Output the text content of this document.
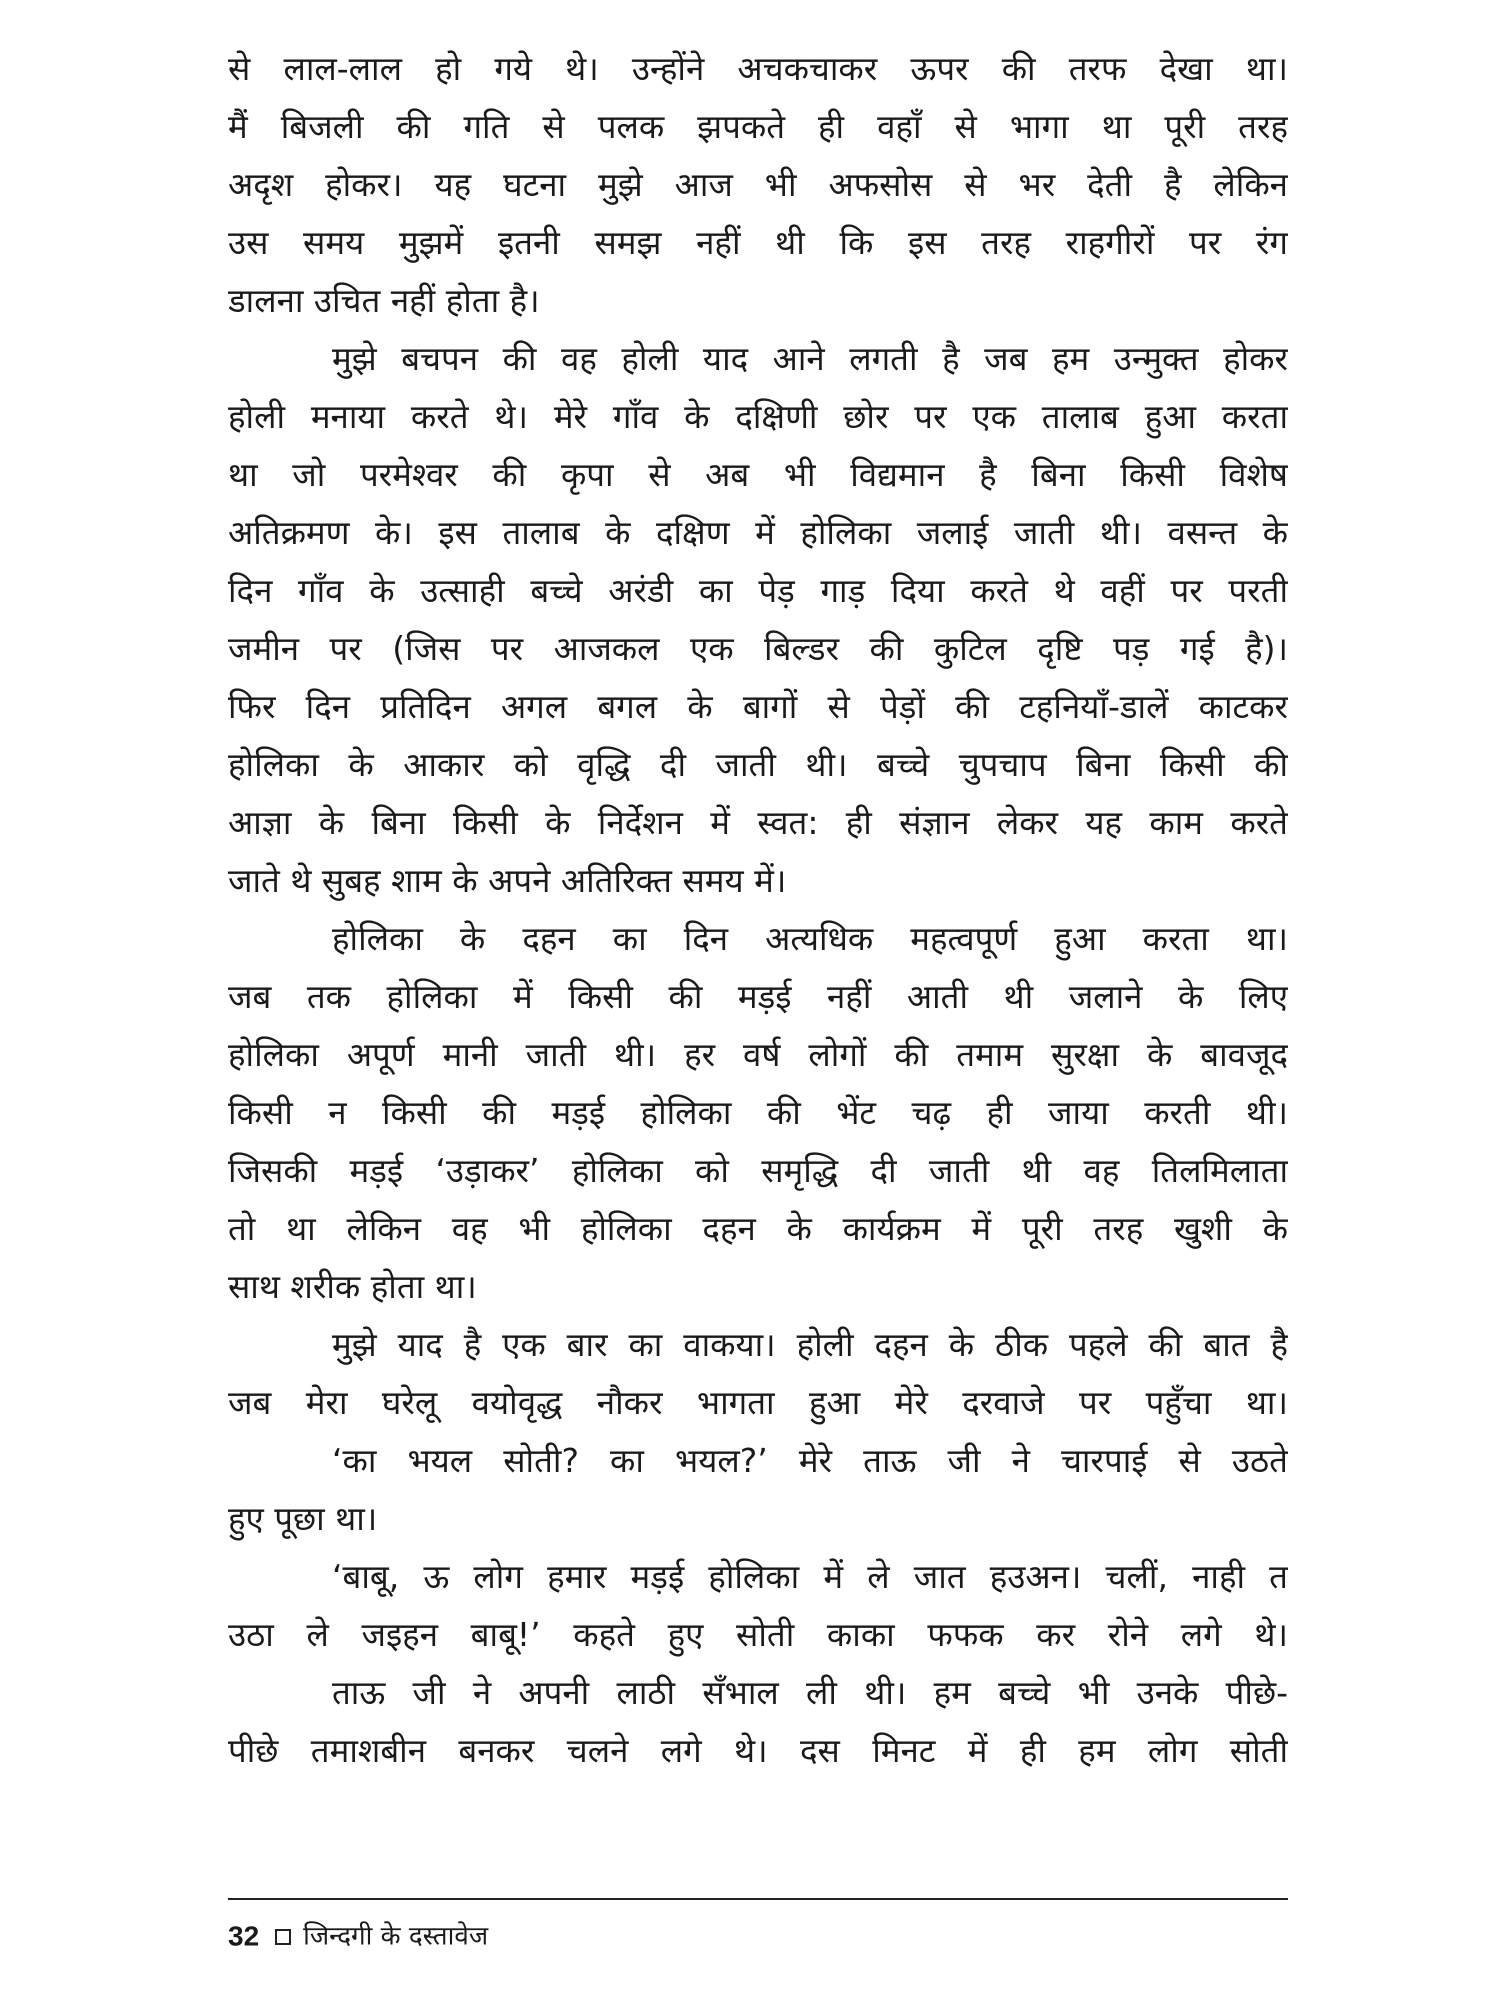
से लाल-लाल हो गये थे। उन्होंने अचकचाकर ऊपर की तरफ देखा था।
मैं बिजली की गति से पलक झपकते ही वहाँ से भागा था पूरी तरह
अदृश होकर। यह घटना मुझे आज भी अफसोस से भर देती है लेकिन
उस समय मुझमें इतनी समझ नहीं थी कि इस तरह राहगीरों पर रंग
डालना उचित नहीं होता है।
मुझे बचपन की वह होली याद आने लगती है जब हम उन्मुक्त होकर
होली मनाया करते थे। मेरे गाँव के दक्षिणी छोर पर एक तालाब हुआ करता
था जो परमेश्वर की कृपा से अब भी विद्यमान है बिना किसी विशेष
अतिक्रमण के। इस तालाब के दक्षिण में होलिका जलाई जाती थी। वसन्त के
दिन गाँव के उत्साही बच्चे अरंडी का पेड़ गाड़ दिया करते थे वहीं पर परती
जमीन पर (जिस पर आजकल एक बिल्डर की कुटिल दृष्टि पड़ गई है)।
फिर दिन प्रतिदिन अगल बगल के बागों से पेड़ों की टहनियाँ-डालें काटकर
होलिका के आकार को वृद्धि दी जाती थी। बच्चे चुपचाप बिना किसी की
आज्ञा के बिना किसी के निर्देशन में स्वत: ही संज्ञान लेकर यह काम करते
जाते थे सुबह शाम के अपने अतिरिक्त समय में।
होलिका के दहन का दिन अत्यधिक महत्वपूर्ण हुआ करता था।
जब तक होलिका में किसी की मड़ई नहीं आती थी जलाने के लिए
होलिका अपूर्ण मानी जाती थी। हर वर्ष लोगों की तमाम सुरक्षा के बावजूद
किसी न किसी की मड़ई होलिका की भेंट चढ़ ही जाया करती थी।
जिसकी मड़ई ‘उड़ाकर’ होलिका को समृद्धि दी जाती थी वह तिलमिलाता
तो था लेकिन वह भी होलिका दहन के कार्यक्रम में पूरी तरह खुशी के
साथ शरीक होता था।
मुझे याद है एक बार का वाकया। होली दहन के ठीक पहले की बात है
जब मेरा घरेलू वयोवृद्ध नौकर भागता हुआ मेरे दरवाजे पर पहुँचा था।
‘का भयल सोती? का भयल?’ मेरे ताऊ जी ने चारपाई से उठते
हुए पूछा था।
‘बाबू, ऊ लोग हमार मड़ई होलिका में ले जात हउअन। चलीं, नाही त
उठा ले जइहन बाबू!’ कहते हुए सोती काका फफक कर रोने लगे थे।
ताऊ जी ने अपनी लाठी सँभाल ली थी। हम बच्चे भी उनके पीछे-
पीछे तमाशबीन बनकर चलने लगे थे। दस मिनट में ही हम लोग सोती
32 जिन्दगी के दस्तावेज
